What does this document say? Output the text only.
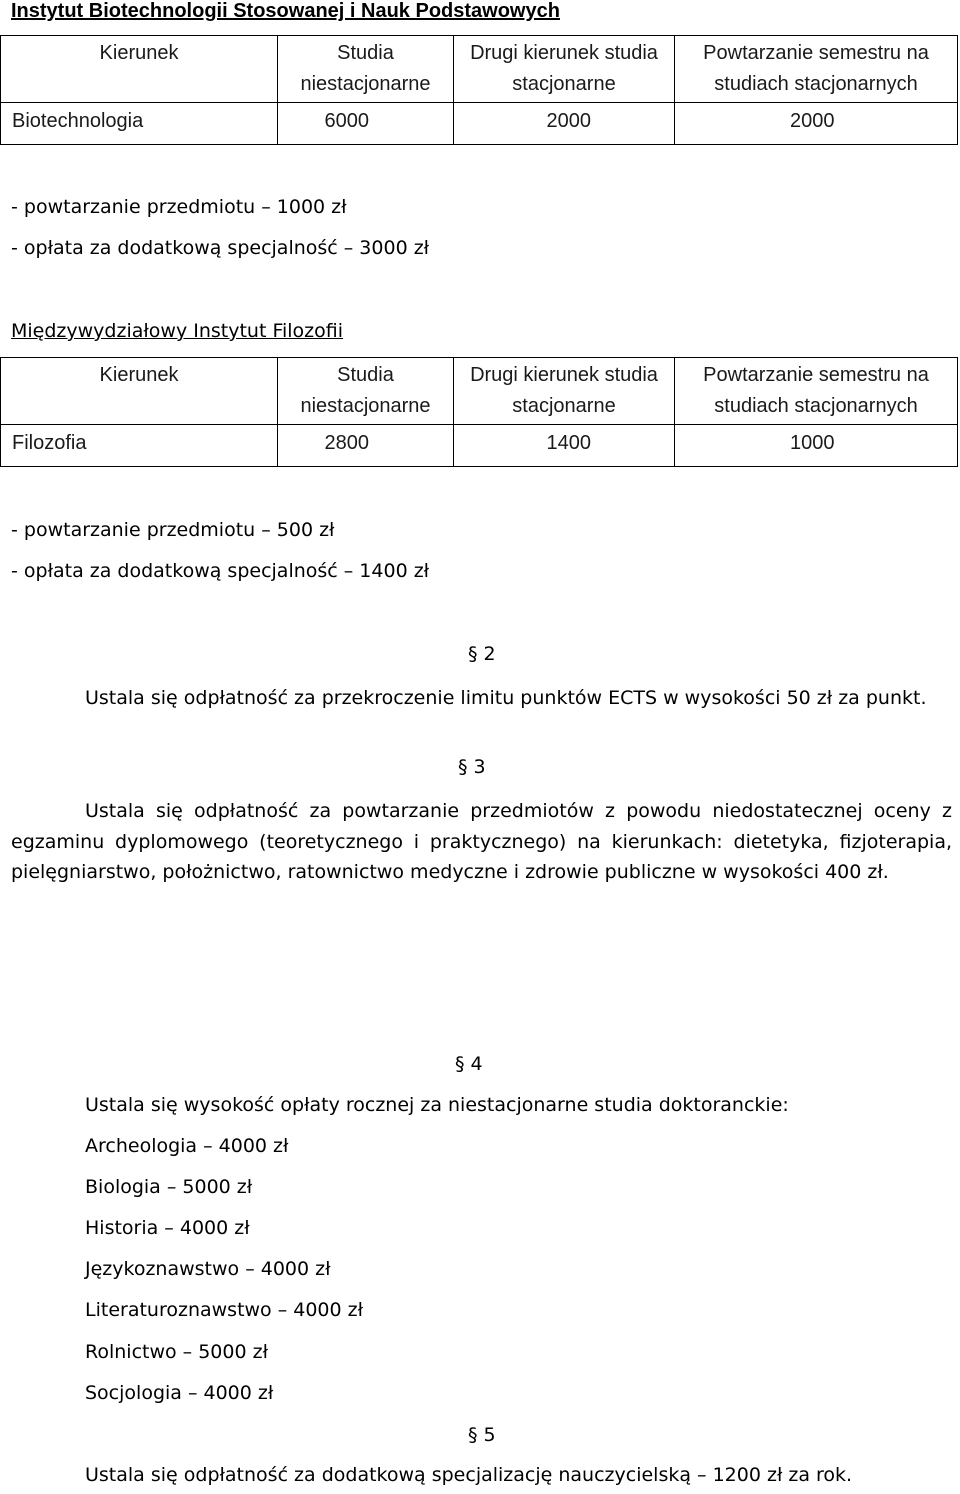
Instytut Biotechnologii Stosowanej i Nauk Podstawowych
Kierunek	Studia niestacjonarne	Drugi kierunek studia stacjonarne	Powtarzanie semestru na studiach stacjonarnych
Biotechnologia	6000	2000	2000
- powtarzanie przedmiotu – 1000 zł
- opłata za dodatkową specjalność – 3000 zł
Międzywydziałowy Instytut Filozofii
Kierunek	Studia niestacjonarne	Drugi kierunek studia stacjonarne	Powtarzanie semestru na studiach stacjonarnych
Filozofia	2800	1400	1000
- powtarzanie przedmiotu – 500 zł
- opłata za dodatkową specjalność – 1400 zł
§ 2
Ustala się odpłatność za przekroczenie limitu punktów ECTS w wysokości 50 zł za punkt.
§ 3
Ustala się odpłatność za powtarzanie przedmiotów z powodu niedostatecznej oceny z egzaminu dyplomowego (teoretycznego i praktycznego) na kierunkach: dietetyka, fizjoterapia, pielęgniarstwo, położnictwo, ratownictwo medyczne i zdrowie publiczne w wysokości 400 zł.
§ 4
Ustala się wysokość opłaty rocznej za niestacjonarne studia doktoranckie:
Archeologia – 4000 zł
Biologia – 5000 zł
Historia – 4000 zł
Językoznawstwo – 4000 zł
Literaturoznawstwo – 4000 zł
Rolnictwo – 5000 zł
Socjologia – 4000 zł
§ 5
Ustala się odpłatność za dodatkową specjalizację nauczycielską – 1200 zł za rok.
